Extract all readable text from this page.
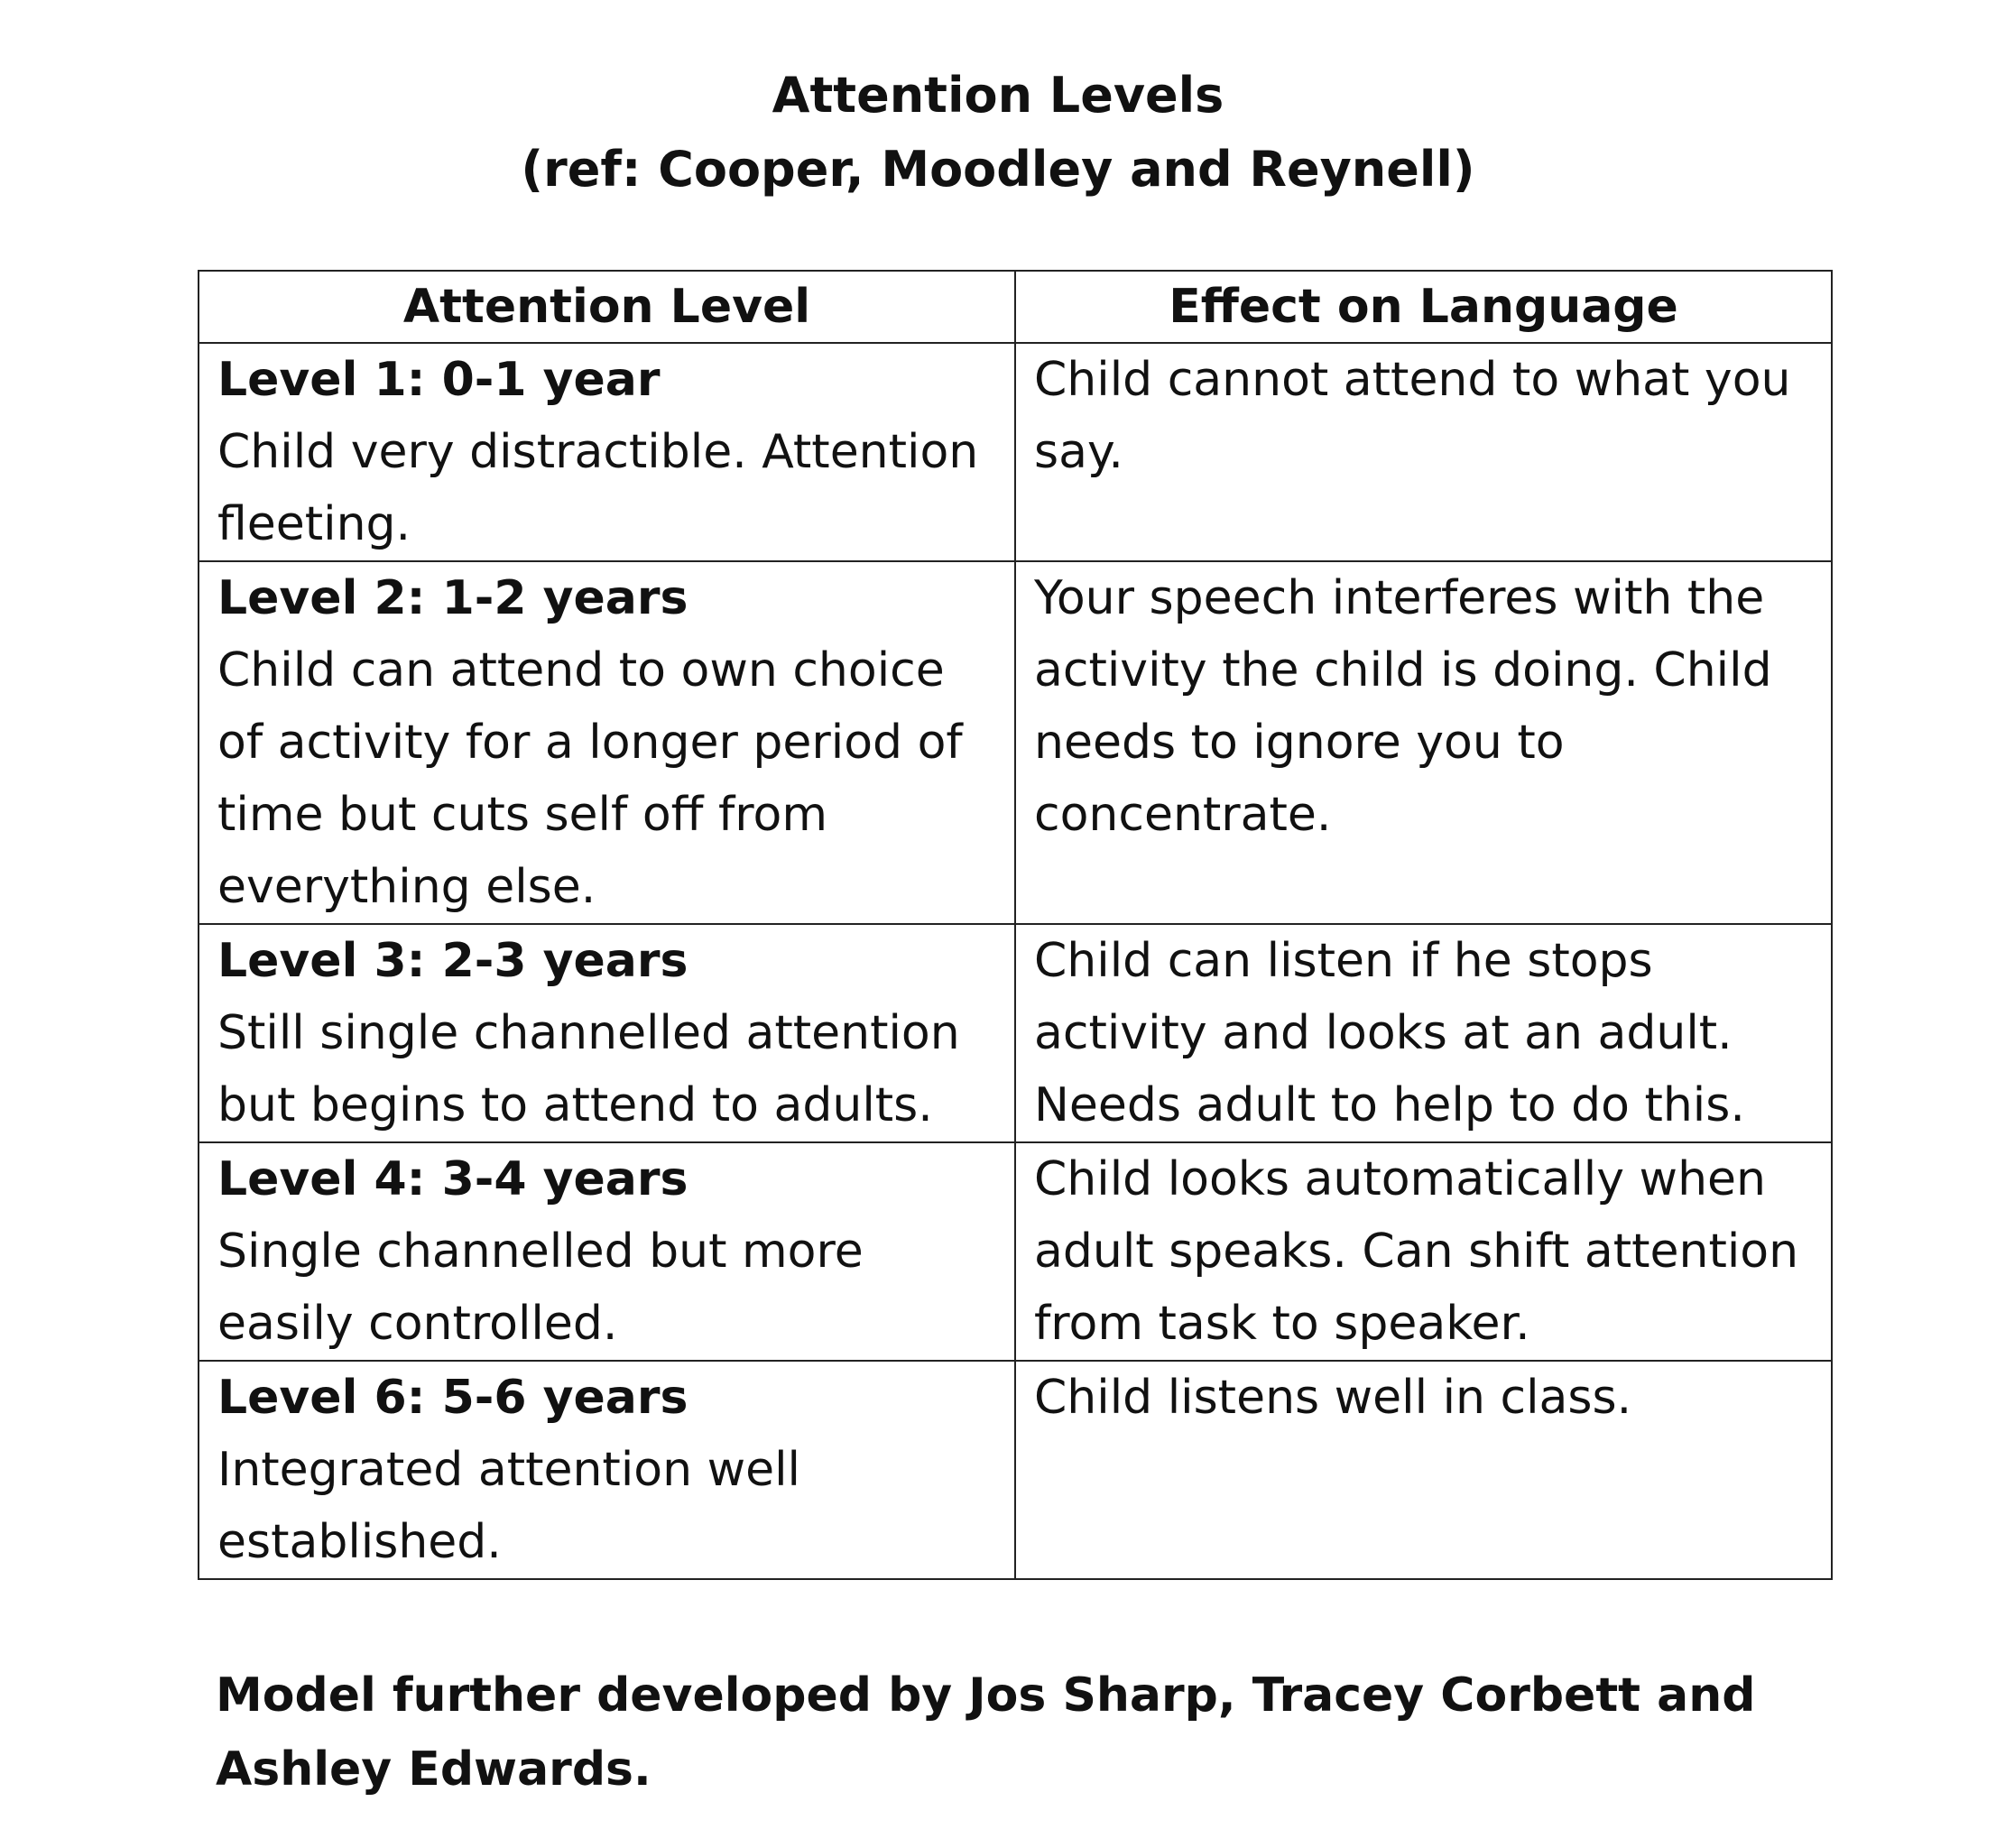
Attention Levels
(ref: Cooper, Moodley and Reynell)
Attention Level	Effect on Language

Level 1: 0-1 year
Child very distractible. Attention fleeting.	Child cannot attend to what you say.

Level 2: 1-2 years
Child can attend to own choice of activity for a longer period of time but cuts self off from everything else.	Your speech interferes with the activity the child is doing. Child needs to ignore you to concentrate.

Level 3: 2-3 years
Still single channelled attention but begins to attend to adults.	Child can listen if he stops activity and looks at an adult. Needs adult to help to do this.

Level 4: 3-4 years
Single channelled but more easily controlled.	Child looks automatically when adult speaks. Can shift attention from task to speaker.

Level 6: 5-6 years
Integrated attention well established.	Child listens well in class.
Model further developed by Jos Sharp, Tracey Corbett and Ashley Edwards.
